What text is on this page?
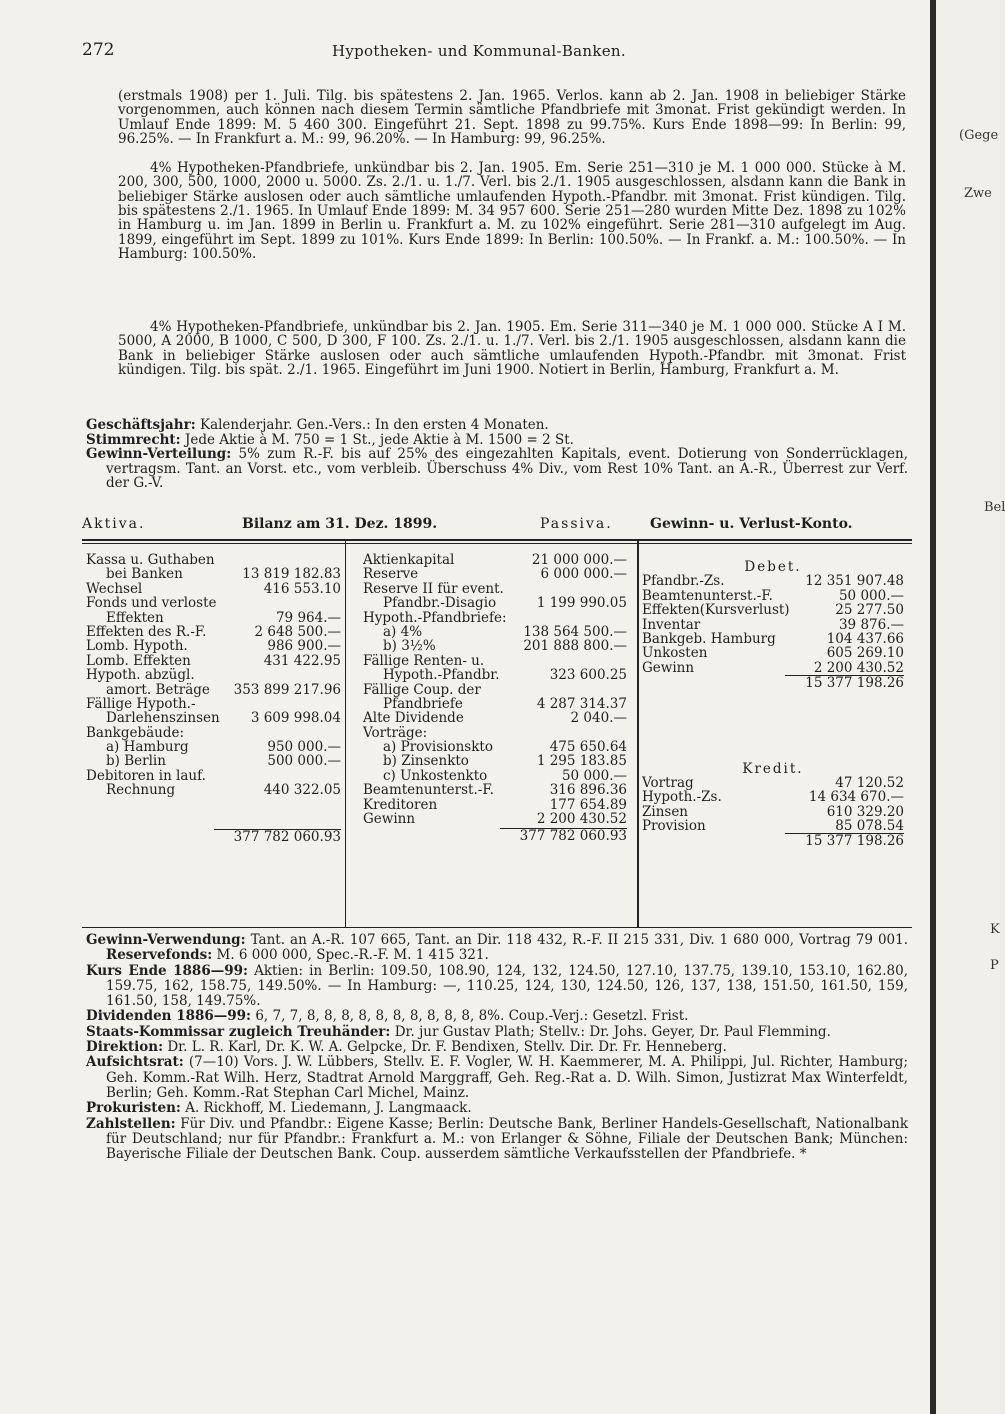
(Gege
Zwe
Bel
K
P
272	Hypotheken- und Kommunal-Banken.

(erstmals 1908) per 1. Juli. Tilg. bis spätestens 2. Jan. 1965. Verlos. kann ab 2. Jan. 1908 in beliebiger Stärke vorgenommen, auch können nach diesem Termin sämtliche Pfandbriefe mit 3monat. Frist gekündigt werden. In Umlauf Ende 1899: M. 5 460 300. Eingeführt 21. Sept. 1898 zu 99.75%. Kurs Ende 1898—99: In Berlin: 99, 96.25%. — In Frankfurt a. M.: 99, 96.20%. — In Hamburg: 99, 96.25%.

4% Hypotheken-Pfandbriefe, unkündbar bis 2. Jan. 1905. Em. Serie 251—310 je M. 1 000 000. Stücke à M. 200, 300, 500, 1000, 2000 u. 5000. Zs. 2./1. u. 1./7. Verl. bis 2./1. 1905 ausgeschlossen, alsdann kann die Bank in beliebiger Stärke auslosen oder auch sämtliche umlaufenden Hypoth.-Pfandbr. mit 3monat. Frist kündigen. Tilg. bis spätestens 2./1. 1965. In Umlauf Ende 1899: M. 34 957 600. Serie 251—280 wurden Mitte Dez. 1898 zu 102% in Hamburg u. im Jan. 1899 in Berlin u. Frankfurt a. M. zu 102% eingeführt. Serie 281—310 aufgelegt im Aug. 1899, eingeführt im Sept. 1899 zu 101%. Kurs Ende 1899: In Berlin: 100.50%. — In Frankf. a. M.: 100.50%. — In Hamburg: 100.50%.

4% Hypotheken-Pfandbriefe, unkündbar bis 2. Jan. 1905. Em. Serie 311—340 je M. 1 000 000. Stücke A I M. 5000, A 2000, B 1000, C 500, D 300, F 100. Zs. 2./1. u. 1./7. Verl. bis 2./1. 1905 ausgeschlossen, alsdann kann die Bank in beliebiger Stärke auslosen oder auch sämtliche umlaufenden Hypoth.-Pfandbr. mit 3monat. Frist kündigen. Tilg. bis spät. 2./1. 1965. Eingeführt im Juni 1900. Notiert in Berlin, Hamburg, Frankfurt a. M.

Geschäftsjahr: Kalenderjahr. Gen.-Vers.: In den ersten 4 Monaten.

Stimmrecht: Jede Aktie à M. 750 = 1 St., jede Aktie à M. 1500 = 2 St.

Gewinn-Verteilung: 5% zum R.-F. bis auf 25% des eingezahlten Kapitals, event. Dotierung von Sonderrücklagen, vertragsm. Tant. an Vorst. etc., vom verbleib. Überschuss 4% Div., vom Rest 10% Tant. an A.-R., Überrest zur Verf. der G.-V.

Aktiva.	Bilanz am 31. Dez. 1899.	Passiva.	Gewinn- u. Verlust-Konto.
Kassa u. Guthaben
bei Banken	13 819 182.83
Wechsel	416 553.10
Fonds und verloste
Effekten	79 964.—
Effekten des R.-F.	2 648 500.—
Lomb. Hypoth.	986 900.—
Lomb. Effekten	431 422.95
Hypoth. abzügl.
amort. Beträge 353 899 217.96
Fällige Hypoth.-
Darlehenszinsen 3 609 998.04
Bankgebäude:
a) Hamburg	950 000.—
b) Berlin	500 000.—
Debitoren in lauf.
Rechnung	440 322.05
377 782 060.93
Aktienkapital	21 000 000.—
Reserve	6 000 000.—
Reserve II für event.
Pfandbr.-Disagio	1 199 990.05
Hypoth.-Pfandbriefe:
a) 4%	138 564 500.—
b) 3½%	201 888 800.—
Fällige Renten- u.
Hypoth.-Pfandbr.	323 600.25
Fällige Coup. der
Pfandbriefe	4 287 314.37
Alte Dividende	2 040.—
Vorträge:
a) Provisionskto	475 650.64
b) Zinsenkto	1 295 183.85
c) Unkostenkto	50 000.—
Beamtenunterst.-F.	316 896.36
Kreditoren	177 654.89
Gewinn	2 200 430.52
377 782 060.93
Debet.
Pfandbr.-Zs.	12 351 907.48
Beamtenunterst.-F.	50 000.—
Effekten(Kursverlust)	25 277.50
Inventar	39 876.—
Bankgeb. Hamburg	104 437.66
Unkosten	605 269.10
Gewinn	2 200 430.52
15 377 198.26
Kredit.
Vortrag	47 120.52
Hypoth.-Zs.	14 634 670.—
Zinsen	610 329.20
Provision	85 078.54
15 377 198.26

Gewinn-Verwendung: Tant. an A.-R. 107 665, Tant. an Dir. 118 432, R.-F. II 215 331, Div. 1 680 000, Vortrag 79 001. Reservefonds: M. 6 000 000, Spec.-R.-F. M. 1 415 321.

Kurs Ende 1886—99: Aktien: in Berlin: 109.50, 108.90, 124, 132, 124.50, 127.10, 137.75, 139.10, 153.10, 162.80, 159.75, 162, 158.75, 149.50%. — In Hamburg: —, 110.25, 124, 130, 124.50, 126, 137, 138, 151.50, 161.50, 159, 161.50, 158, 149.75%.

Dividenden 1886—99: 6, 7, 7, 8, 8, 8, 8, 8, 8, 8, 8, 8, 8, 8%. Coup.-Verj.: Gesetzl. Frist.

Staats-Kommissar zugleich Treuhänder: Dr. jur Gustav Plath; Stellv.: Dr. Johs. Geyer, Dr. Paul Flemming.

Direktion: Dr. L. R. Karl, Dr. K. W. A. Gelpcke, Dr. F. Bendixen, Stellv. Dir. Dr. Fr. Henneberg.

Aufsichtsrat: (7—10) Vors. J. W. Lübbers, Stellv. E. F. Vogler, W. H. Kaemmerer, M. A. Philippi, Jul. Richter, Hamburg; Geh. Komm.-Rat Wilh. Herz, Stadtrat Arnold Marggraff, Geh. Reg.-Rat a. D. Wilh. Simon, Justizrat Max Winterfeldt, Berlin; Geh. Komm.-Rat Stephan Carl Michel, Mainz.

Prokuristen: A. Rickhoff, M. Liedemann, J. Langmaack.

Zahlstellen: Für Div. und Pfandbr.: Eigene Kasse; Berlin: Deutsche Bank, Berliner Handels-Gesellschaft, Nationalbank für Deutschland; nur für Pfandbr.: Frankfurt a. M.: von Erlanger & Söhne, Filiale der Deutschen Bank; München: Bayerische Filiale der Deutschen Bank. Coup. ausserdem sämtliche Verkaufsstellen der Pfandbriefe. *
